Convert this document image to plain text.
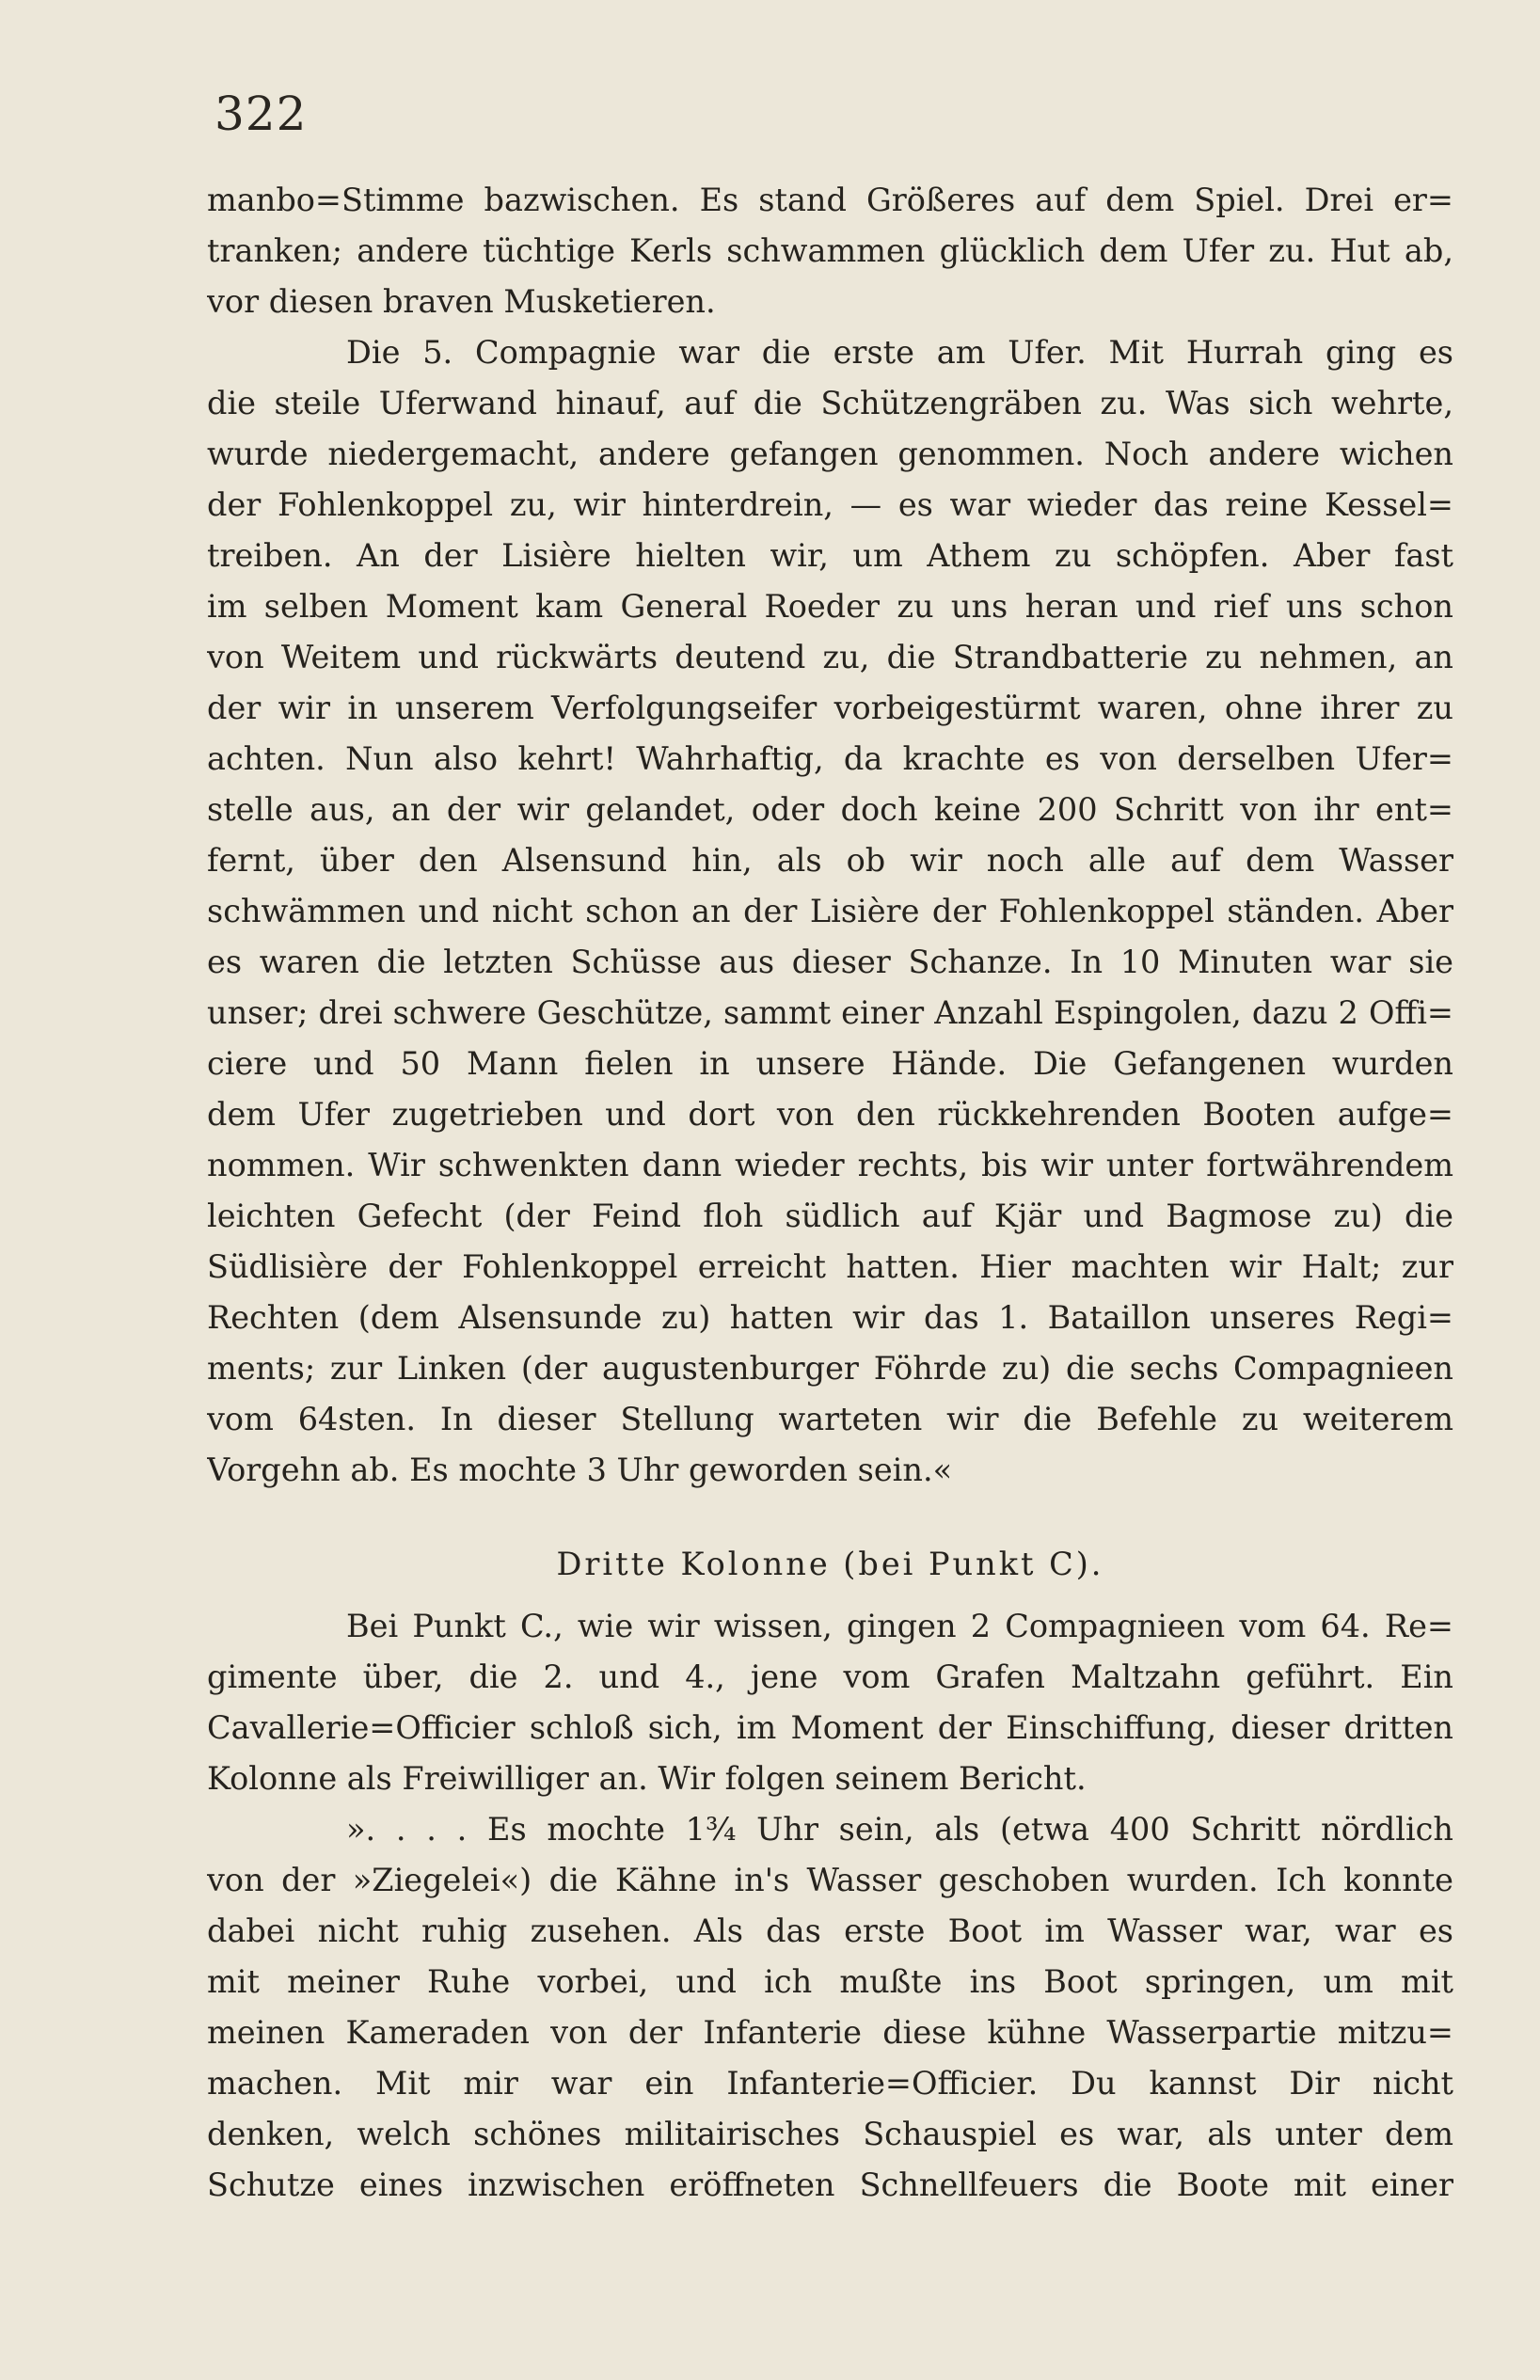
322
manbo=Stimme bazwischen. Es stand Größeres auf dem Spiel. Drei er=
tranken; andere tüchtige Kerls schwammen glücklich dem Ufer zu. Hut ab,
vor diesen braven Musketieren.
Die 5. Compagnie war die erste am Ufer. Mit Hurrah ging es
die steile Uferwand hinauf, auf die Schützengräben zu. Was sich wehrte,
wurde niedergemacht, andere gefangen genommen. Noch andere wichen
der Fohlenkoppel zu, wir hinterdrein, — es war wieder das reine Kessel=
treiben. An der Lisière hielten wir, um Athem zu schöpfen. Aber fast
im selben Moment kam General Roeder zu uns heran und rief uns schon
von Weitem und rückwärts deutend zu, die Strandbatterie zu nehmen, an
der wir in unserem Verfolgungseifer vorbeigestürmt waren, ohne ihrer zu
achten. Nun also kehrt! Wahrhaftig, da krachte es von derselben Ufer=
stelle aus, an der wir gelandet, oder doch keine 200 Schritt von ihr ent=
fernt, über den Alsensund hin, als ob wir noch alle auf dem Wasser
schwämmen und nicht schon an der Lisière der Fohlenkoppel ständen. Aber
es waren die letzten Schüsse aus dieser Schanze. In 10 Minuten war sie
unser; drei schwere Geschütze, sammt einer Anzahl Espingolen, dazu 2 Offi=
ciere und 50 Mann fielen in unsere Hände. Die Gefangenen wurden
dem Ufer zugetrieben und dort von den rückkehrenden Booten aufge=
nommen. Wir schwenkten dann wieder rechts, bis wir unter fortwährendem
leichten Gefecht (der Feind floh südlich auf Kjär und Bagmose zu) die
Südlisière der Fohlenkoppel erreicht hatten. Hier machten wir Halt; zur
Rechten (dem Alsensunde zu) hatten wir das 1. Bataillon unseres Regi=
ments; zur Linken (der augustenburger Föhrde zu) die sechs Compagnieen
vom 64sten. In dieser Stellung warteten wir die Befehle zu weiterem
Vorgehn ab. Es mochte 3 Uhr geworden sein.«
Dritte Kolonne (bei Punkt C).
Bei Punkt C., wie wir wissen, gingen 2 Compagnieen vom 64. Re=
gimente über, die 2. und 4., jene vom Grafen Maltzahn geführt. Ein
Cavallerie=Officier schloß sich, im Moment der Einschiffung, dieser dritten
Kolonne als Freiwilliger an. Wir folgen seinem Bericht.
». . . . Es mochte 1¾ Uhr sein, als (etwa 400 Schritt nördlich
von der »Ziegelei«) die Kähne in's Wasser geschoben wurden. Ich konnte
dabei nicht ruhig zusehen. Als das erste Boot im Wasser war, war es
mit meiner Ruhe vorbei, und ich mußte ins Boot springen, um mit
meinen Kameraden von der Infanterie diese kühne Wasserpartie mitzu=
machen. Mit mir war ein Infanterie=Officier. Du kannst Dir nicht
denken, welch schönes militairisches Schauspiel es war, als unter dem
Schutze eines inzwischen eröffneten Schnellfeuers die Boote mit einer
